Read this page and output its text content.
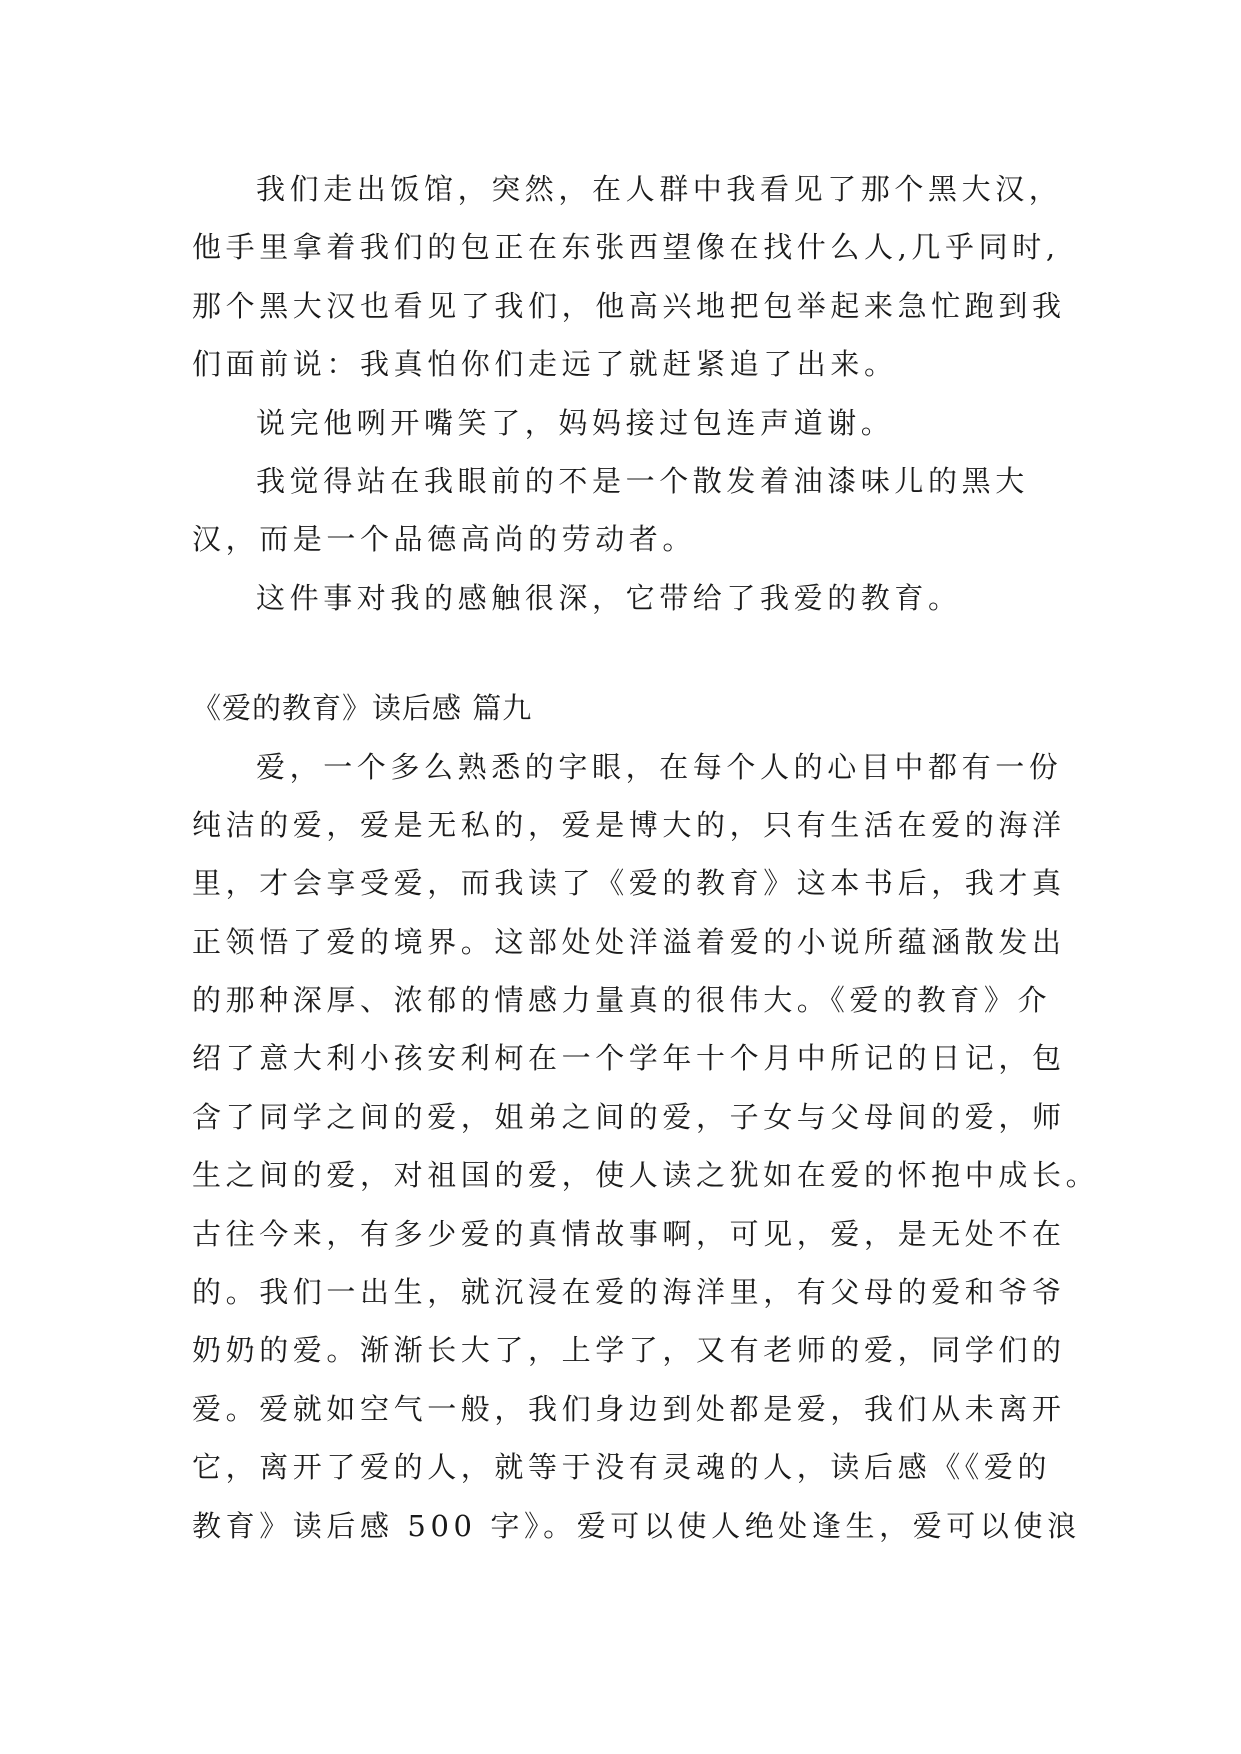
我们走出饭馆，突然，在人群中我看见了那个黑大汉，
他手里拿着我们的包正在东张西望像在找什么人,几乎同时,
那个黑大汉也看见了我们，他高兴地把包举起来急忙跑到我
们面前说：我真怕你们走远了就赶紧追了出来。
说完他咧开嘴笑了，妈妈接过包连声道谢。
我觉得站在我眼前的不是一个散发着油漆味儿的黑大
汉，而是一个品德高尚的劳动者。
这件事对我的感触很深，它带给了我爱的教育。
《爱的教育》读后感 篇九
爱，一个多么熟悉的字眼，在每个人的心目中都有一份
纯洁的爱，爱是无私的，爱是博大的，只有生活在爱的海洋
里，才会享受爱，而我读了《爱的教育》这本书后，我才真
正领悟了爱的境界。这部处处洋溢着爱的小说所蕴涵散发出
的那种深厚、浓郁的情感力量真的很伟大。《爱的教育》介
绍了意大利小孩安利柯在一个学年十个月中所记的日记，包
含了同学之间的爱，姐弟之间的爱，子女与父母间的爱，师
生之间的爱，对祖国的爱，使人读之犹如在爱的怀抱中成长。
古往今来，有多少爱的真情故事啊，可见，爱，是无处不在
的。我们一出生，就沉浸在爱的海洋里，有父母的爱和爷爷
奶奶的爱。渐渐长大了，上学了，又有老师的爱，同学们的
爱。爱就如空气一般，我们身边到处都是爱，我们从未离开
它，离开了爱的人，就等于没有灵魂的人，读后感《《爱的
教育》读后感 500 字》。爱可以使人绝处逢生，爱可以使浪
